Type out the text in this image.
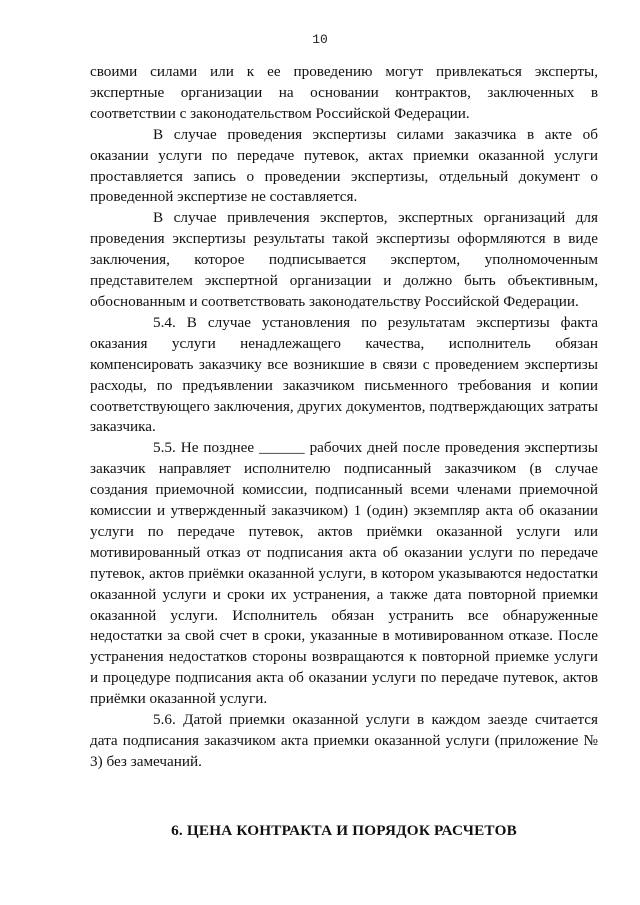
10

своими силами или к ее проведению могут привлекаться эксперты, экспертные организации на основании контрактов, заключенных в соответствии с законодательством Российской Федерации.

В случае проведения экспертизы силами заказчика в акте об оказании услуги по передаче путевок, актах приемки оказанной услуги проставляется запись о проведении экспертизы, отдельный документ о проведенной экспертизе не составляется.

В случае привлечения экспертов, экспертных организаций для проведения экспертизы результаты такой экспертизы оформляются в виде заключения, которое подписывается экспертом, уполномоченным представителем экспертной организации и должно быть объективным, обоснованным и соответствовать законодательству Российской Федерации.

5.4. В случае установления по результатам экспертизы факта оказания услуги ненадлежащего качества, исполнитель обязан компенсировать заказчику все возникшие в связи с проведением экспертизы расходы, по предъявлении заказчиком письменного требования и копии соответствующего заключения, других документов, подтверждающих затраты заказчика.

5.5. Не позднее ______ рабочих дней после проведения экспертизы заказчик направляет исполнителю подписанный заказчиком (в случае создания приемочной комиссии, подписанный всеми членами приемочной комиссии и утвержденный заказчиком) 1 (один) экземпляр акта об оказании услуги по передаче путевок, актов приёмки оказанной услуги или мотивированный отказ от подписания акта об оказании услуги по передаче путевок, актов приёмки оказанной услуги, в котором указываются недостатки оказанной услуги и сроки их устранения, а также дата повторной приемки оказанной услуги. Исполнитель обязан устранить все обнаруженные недостатки за свой счет в сроки, указанные в мотивированном отказе. После устранения недостатков стороны возвращаются к повторной приемке услуги и процедуре подписания акта об оказании услуги по передаче путевок, актов приёмки оказанной услуги.

5.6. Датой приемки оказанной услуги в каждом заезде считается дата подписания заказчиком акта приемки оказанной услуги (приложение № 3) без замечаний.

6. ЦЕНА КОНТРАКТА И ПОРЯДОК РАСЧЕТОВ
